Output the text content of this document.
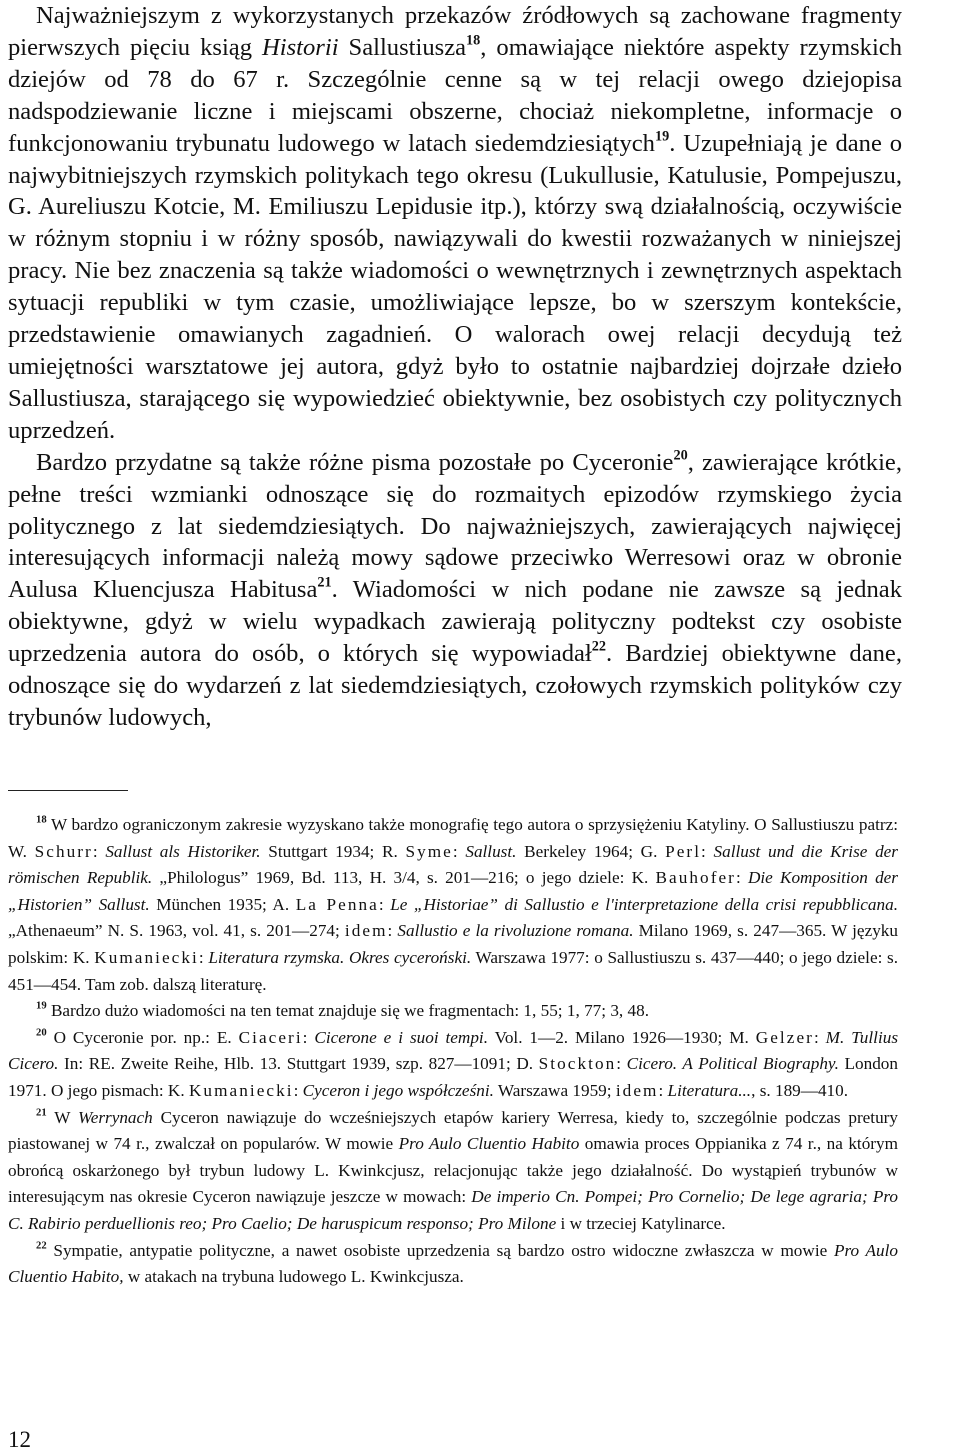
Najważniejszym z wykorzystanych przekazów źródłowych są zachowane fragmenty pierwszych pięciu ksiąg Historii Sallustiusza$^{18}$, omawiające niektóre aspekty rzymskich dziejów od 78 do 67 r. Szczególnie cenne są w tej relacji owego dziejopisa nadspodziewanie liczne i miejscami obszerne, chociaż niekompletne, informacje o funkcjonowaniu trybunatu ludowego w latach siedemdziesiątych$^{19}$. Uzupełniają je dane o najwybitniejszych rzymskich politykach tego okresu (Lukullusie, Katulusie, Pompejuszu, G. Aureliuszu Kotcie, M. Emiliuszu Lepidusie itp.), którzy swą działalnością, oczywiście w różnym stopniu i w różny sposób, nawiązywali do kwestii rozważanych w niniejszej pracy. Nie bez znaczenia są także wiadomości o wewnętrznych i zewnętrznych aspektach sytuacji republiki w tym czasie, umożliwiające lepsze, bo w szerszym kontekście, przedstawienie omawianych zagadnień. O walorach owej relacji decydują też umiejętności warsztatowe jej autora, gdyż było to ostatnie najbardziej dojrzałe dzieło Sallustiusza, starającego się wypowiedzieć obiektywnie, bez osobistych czy politycznych uprzedzeń.

Bardzo przydatne są także różne pisma pozostałe po Cyceronie$^{20}$, zawierające krótkie, pełne treści wzmianki odnoszące się do rozmaitych epizodów rzymskiego życia politycznego z lat siedemdziesiątych. Do najważniejszych, zawierających najwięcej interesujących informacji należą mowy sądowe przeciwko Werresowi oraz w obronie Aulusa Kluencjusza Habitusa$^{21}$. Wiadomości w nich podane nie zawsze są jednak obiektywne, gdyż w wielu wypadkach zawierają polityczny podtekst czy osobiste uprzedzenia autora do osób, o których się wypowiadał$^{22}$. Bardziej obiektywne dane, odnoszące się do wydarzeń z lat siedemdziesiątych, czołowych rzymskich polityków czy trybunów ludowych,

$^{18}$ W bardzo ograniczonym zakresie wyzyskano także monografię tego autora o sprzysiężeniu Katyliny. O Sallustiuszu patrz: W. Schurr: Sallust als Historiker. Stuttgart 1934; R. Syme: Sallust. Berkeley 1964; G. Perl: Sallust und die Krise der römischen Republik. „Philologus” 1969, Bd. 113, H. 3/4, s. 201—216; o jego dziele: K. Bauhofer: Die Komposition der „Historien” Sallust. München 1935; A. La Penna: Le „Historiae” di Sallustio e l'interpretazione della crisi repubblicana. „Athenaeum” N. S. 1963, vol. 41, s. 201—274; idem: Sallustio e la rivoluzione romana. Milano 1969, s. 247—365. W języku polskim: K. Kumaniecki: Literatura rzymska. Okres cyceroński. Warszawa 1977: o Sallustiuszu s. 437—440; o jego dziele: s. 451—454. Tam zob. dalszą literaturę.

$^{19}$ Bardzo dużo wiadomości na ten temat znajduje się we fragmentach: 1, 55; 1, 77; 3, 48.

$^{20}$ O Cyceronie por. np.: E. Ciaceri: Cicerone e i suoi tempi. Vol. 1—2. Milano 1926—1930; M. Gelzer: M. Tullius Cicero. In: RE. Zweite Reihe, Hlb. 13. Stuttgart 1939, szp. 827—1091; D. Stockton: Cicero. A Political Biography. London 1971. O jego pismach: K. Kumaniecki: Cyceron i jego współcześni. Warszawa 1959; idem: Literatura..., s. 189—410.

$^{21}$ W Werrynach Cyceron nawiązuje do wcześniejszych etapów kariery Werresa, kiedy to, szczególnie podczas pretury piastowanej w 74 r., zwalczał on popularów. W mowie Pro Aulo Cluentio Habito omawia proces Oppianika z 74 r., na którym obrońcą oskarżonego był trybun ludowy L. Kwinkcjusz, relacjonując także jego działalność. Do wystąpień trybunów w interesującym nas okresie Cyceron nawiązuje jeszcze w mowach: De imperio Cn. Pompei; Pro Cornelio; De lege agraria; Pro C. Rabirio perduellionis reo; Pro Caelio; De haruspicum responso; Pro Milone i w trzeciej Katylinarce.

$^{22}$ Sympatie, antypatie polityczne, a nawet osobiste uprzedzenia są bardzo ostro widoczne zwłaszcza w mowie Pro Aulo Cluentio Habito, w atakach na trybuna ludowego L. Kwinkcjusza.

12
